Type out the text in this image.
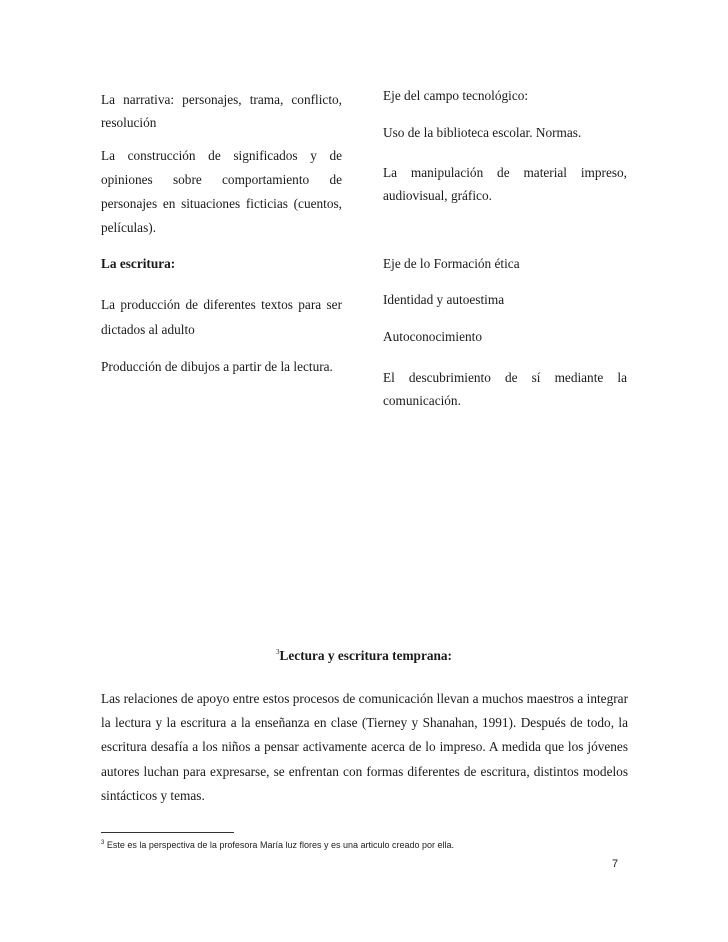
La narrativa: personajes, trama, conflicto, resolución

La construcción de significados y de opiniones sobre comportamiento de personajes en situaciones ficticias (cuentos, películas).

La escritura:

La producción de diferentes textos para ser dictados al adulto

Producción de dibujos a partir de la lectura.

Eje del campo tecnológico:

Uso de la biblioteca escolar. Normas.

La manipulación de material impreso, audiovisual, gráfico.

Eje de lo Formación ética

Identidad y autoestima

Autoconocimiento

El descubrimiento de sí mediante la comunicación.

$^3$Lectura y escritura temprana:

Las relaciones de apoyo entre estos procesos de comunicación llevan a muchos maestros a integrar la lectura y la escritura a la enseñanza en clase (Tierney y Shanahan, 1991). Después de todo, la escritura desafía a los niños a pensar activamente acerca de lo impreso. A medida que los jóvenes autores luchan para expresarse, se enfrentan con formas diferentes de escritura, distintos modelos sintácticos y temas.

$^3$ Este es la perspectiva de la profesora María luz flores y es una articulo creado por ella.
7
